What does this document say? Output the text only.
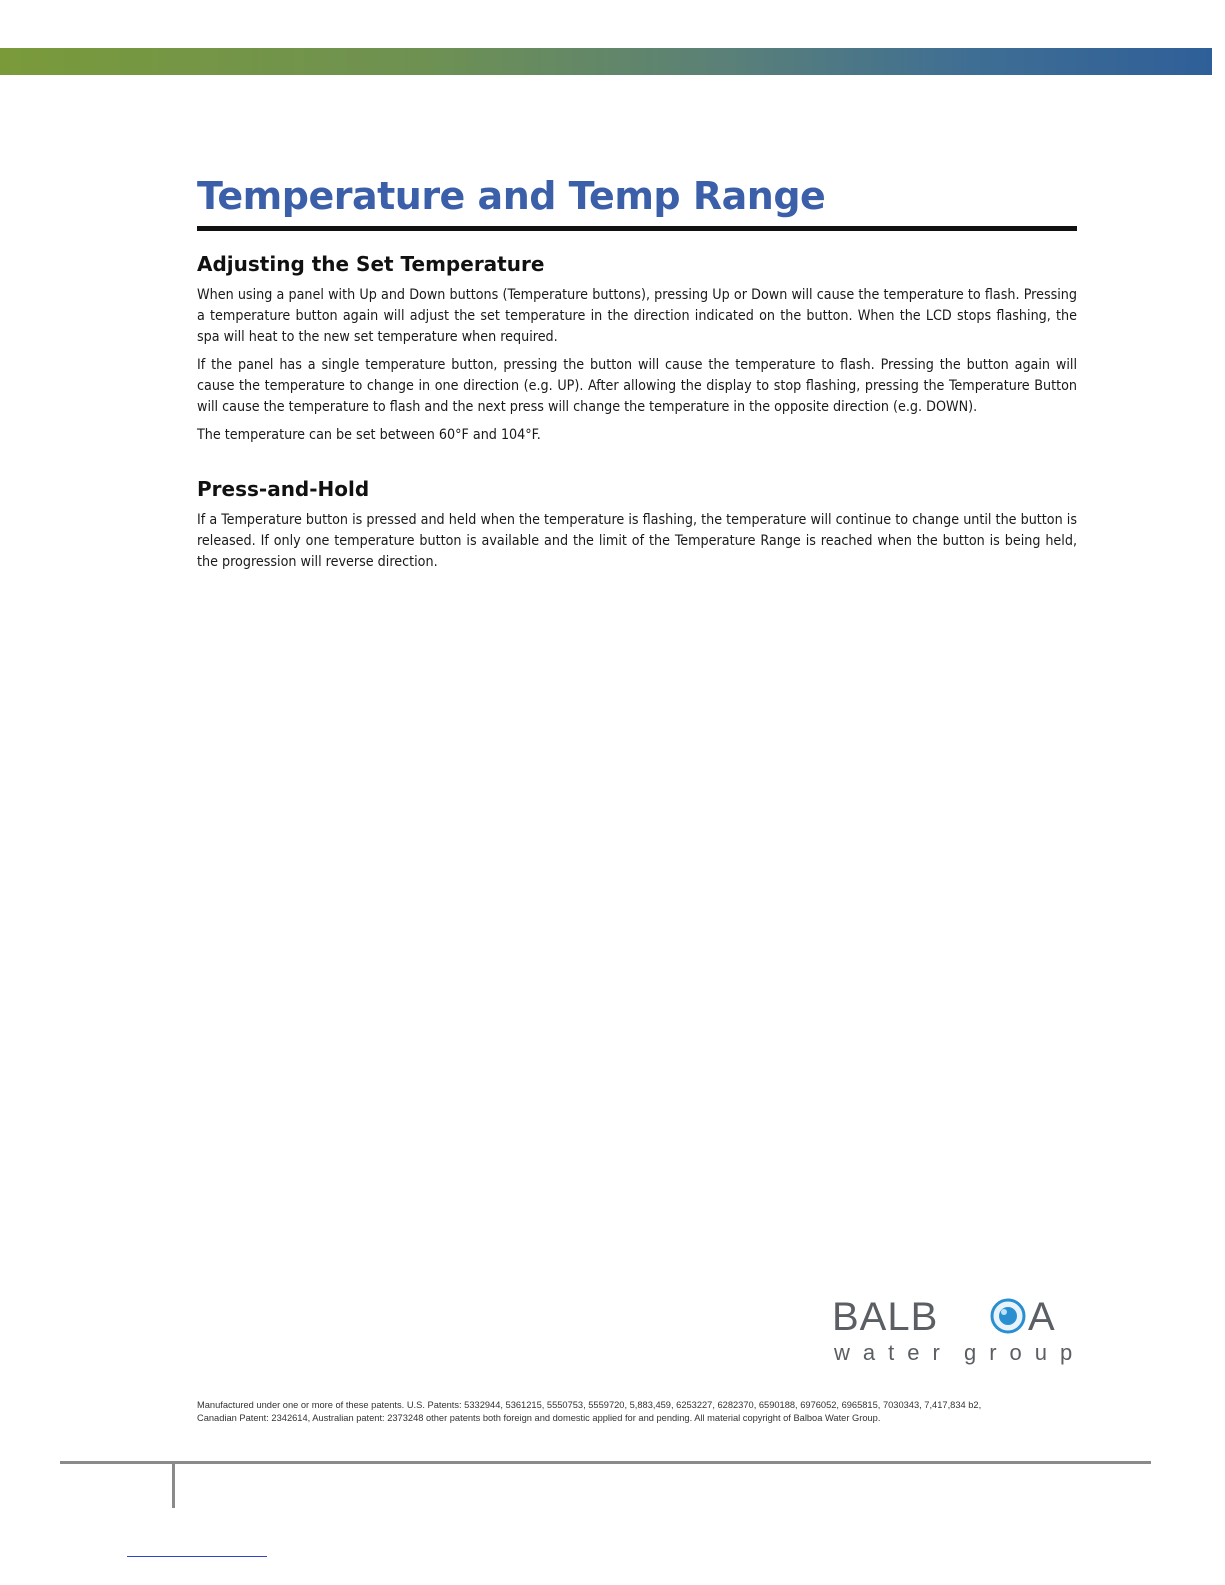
Temperature and Temp Range
Adjusting the Set Temperature

When using a panel with Up and Down buttons (Temperature buttons), pressing Up or Down will cause the temperature to flash. Pressing a temperature button again will adjust the set temperature in the direction indicated on the button. When the LCD stops flashing, the spa will heat to the new set temperature when required.

If the panel has a single temperature button, pressing the button will cause the temperature to flash. Pressing the button again will cause the temperature to change in one direction (e.g. UP). After allowing the display to stop flashing, pressing the Temperature Button will cause the temperature to flash and the next press will change the temperature in the opposite direction (e.g. DOWN).

The temperature can be set between 60°F and 104°F.

Press-and-Hold

If a Temperature button is pressed and held when the temperature is flashing, the temperature will continue to change until the button is released. If only one temperature button is available and the limit of the Temperature Range is reached when the button is being held, the progression will reverse direction.

BALB A
water group
Manufactured under one or more of these patents. U.S. Patents: 5332944, 5361215, 5550753, 5559720, 5,883,459, 6253227, 6282370, 6590188, 6976052, 6965815, 7030343, 7,417,834 b2,
Canadian Patent: 2342614, Australian patent: 2373248 other patents both foreign and domestic applied for and pending. All material copyright of Balboa Water Group.
